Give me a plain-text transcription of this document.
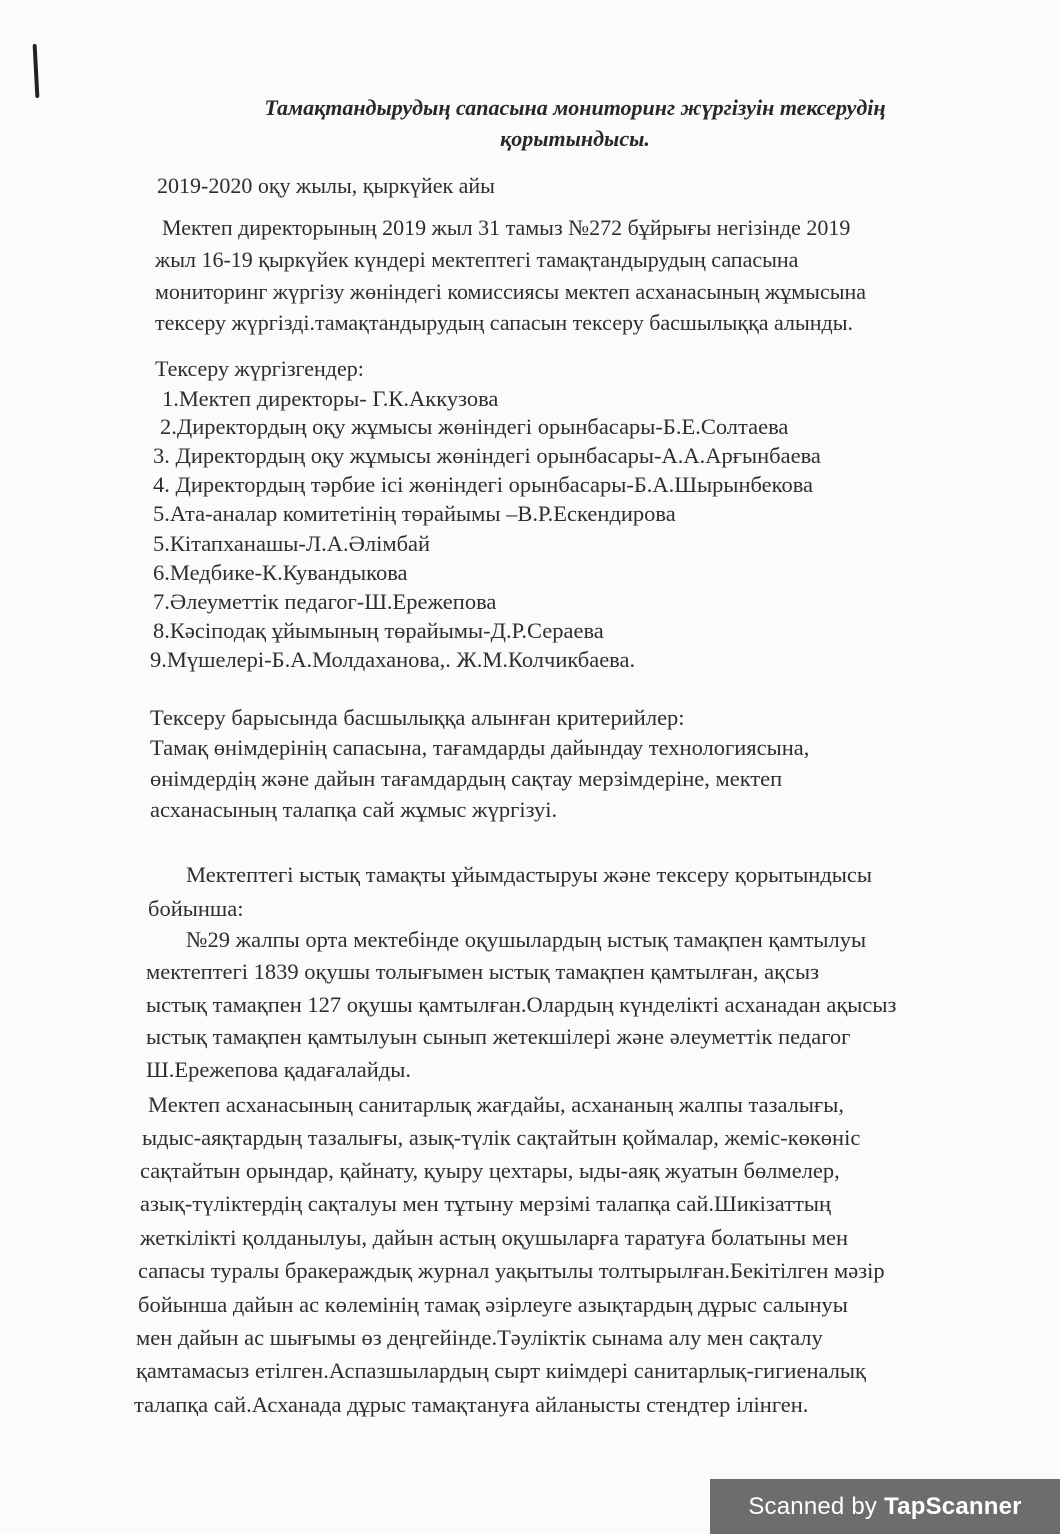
Тамақтандырудың сапасына мониторинг жүргізуін тексерудің
қорытындысы.
2019-2020 оқу жылы, қыркүйек айы
Мектеп директорының 2019 жыл 31 тамыз №272 бұйрығы негізінде 2019
жыл 16-19 қыркүйек күндері мектептегі тамақтандырудың сапасына
мониторинг жүргізу жөніндегі комиссиясы мектеп асханасының жұмысына
тексеру жүргізді.тамақтандырудың сапасын тексеру басшылыққа алынды.
Тексеру жүргізгендер:
1.Мектеп директоры- Г.К.Аккузова
2.Директордың оқу жұмысы жөніндегі орынбасары-Б.Е.Солтаева
3. Директордың оқу жұмысы жөніндегі орынбасары-А.А.Арғынбаева
4. Директордың тәрбие ісі жөніндегі орынбасары-Б.А.Шырынбекова
5.Ата-аналар комитетінің төрайымы –В.Р.Ескендирова
5.Кітапханашы-Л.А.Әлімбай
6.Медбике-К.Кувандыкова
7.Әлеуметтік педагог-Ш.Ережепова
8.Кәсіподақ ұйымының төрайымы-Д.Р.Сераева
9.Мүшелері-Б.А.Молдаханова,. Ж.М.Колчикбаева.
Тексеру барысында басшылыққа алынған критерийлер:
Тамақ өнімдерінің сапасына, тағамдарды дайындау технологиясына,
өнімдердің және дайын тағамдардың сақтау мерзімдеріне, мектеп
асханасының талапқа сай жұмыс жүргізуі.
Мектептегі ыстық тамақты ұйымдастыруы және тексеру қорытындысы
бойынша:
№29 жалпы орта мектебінде оқушылардың ыстық тамақпен қамтылуы
мектептегі 1839 оқушы толығымен ыстық тамақпен қамтылған, ақсыз
ыстық тамақпен 127 оқушы қамтылған.Олардың күнделікті асханадан ақысыз
ыстық тамақпен қамтылуын сынып жетекшілері және әлеуметтік педагог
Ш.Ережепова қадағалайды.
Мектеп асханасының санитарлық жағдайы, асхананың жалпы тазалығы,
ыдыс-аяқтардың тазалығы, азық-түлік сақтайтын қоймалар, жеміс-көкөніс
сақтайтын орындар, қайнату, қуыру цехтары, ыды-аяқ жуатын бөлмелер,
азық-түліктердің сақталуы мен тұтыну мерзімі талапқа сай.Шикізаттың
жеткілікті қолданылуы, дайын астың оқушыларға таратуға болатыны мен
сапасы туралы бракераждық журнал уақытылы толтырылған.Бекітілген мәзір
бойынша дайын ас көлемінің тамақ әзірлеуге азықтардың дұрыс салынуы
мен дайын ас шығымы өз деңгейінде.Тәуліктік сынама алу мен сақталу
қамтамасыз етілген.Аспазшылардың сырт киімдері санитарлық-гигиеналық
талапқа сай.Асханада дұрыс тамақтануға айланысты стендтер ілінген.
Scanned by TapScanner
